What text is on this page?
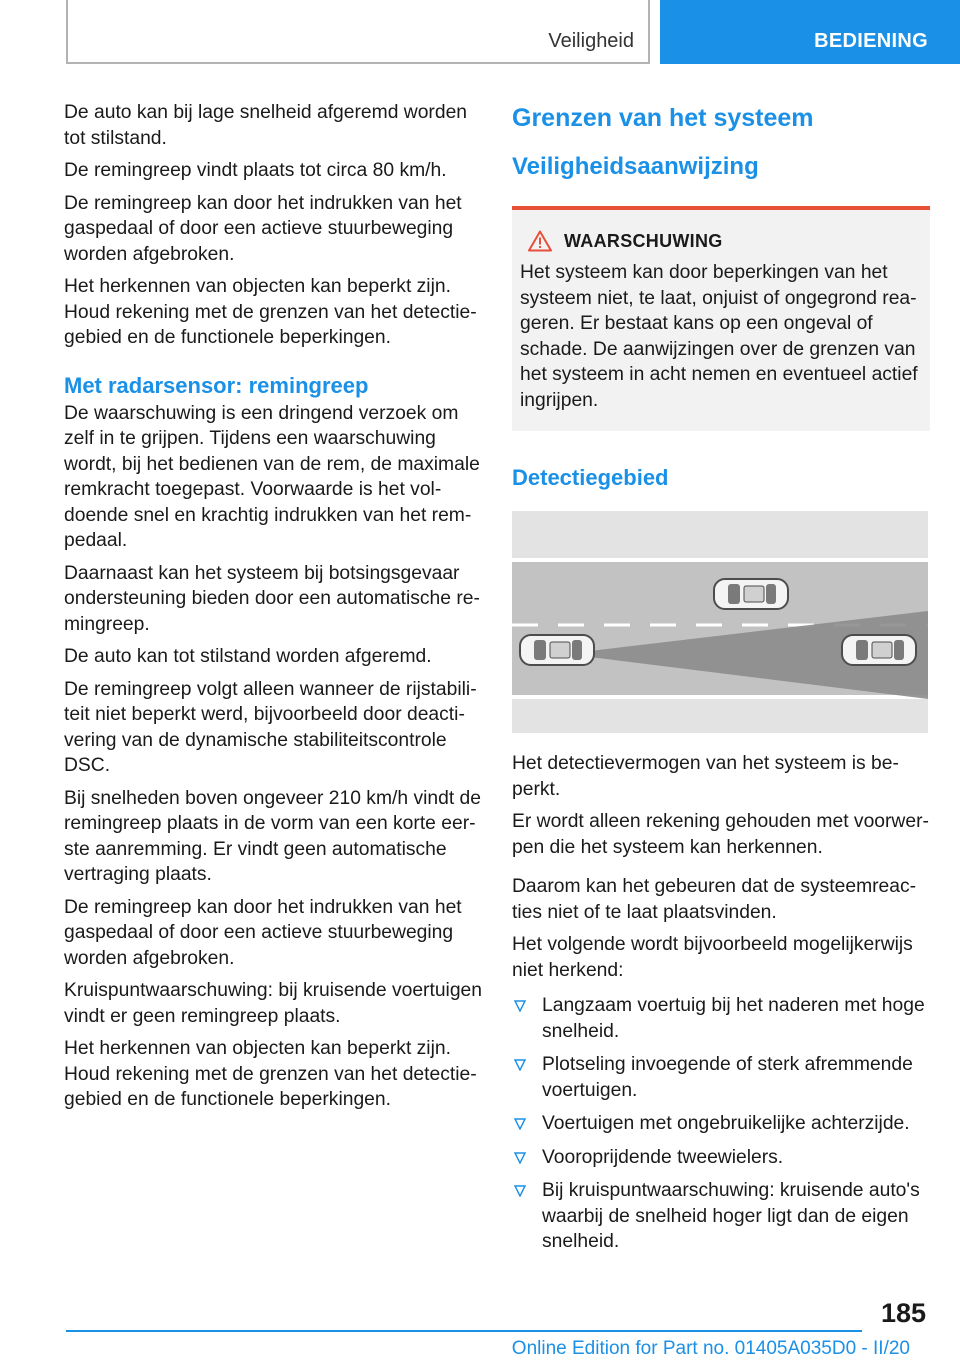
Veiligheid	BEDIENING

De auto kan bij lage snelheid afgeremd worden tot stilstand.

De remingreep vindt plaats tot circa 80 km/h.

De remingreep kan door het indrukken van het gaspedaal of door een actieve stuurbeweging worden afgebroken.

Het herkennen van objecten kan beperkt zijn. Houd rekening met de grenzen van het detectiegebied en de functionele beperkingen.

Met radarsensor: remingreep

De waarschuwing is een dringend verzoek om zelf in te grijpen. Tijdens een waarschuwing wordt, bij het bedienen van de rem, de maximale remkracht toegepast. Voorwaarde is het voldoende snel en krachtig indrukken van het rempedaal.

Daarnaast kan het systeem bij botsingsgevaar ondersteuning bieden door een automatische remingreep.

De auto kan tot stilstand worden afgeremd.

De remingreep volgt alleen wanneer de rijstabiliteit niet beperkt werd, bijvoorbeeld door deactivering van de dynamische stabiliteitscontrole DSC.

Bij snelheden boven ongeveer 210 km/h vindt de remingreep plaats in de vorm van een korte eerste aanremming. Er vindt geen automatische vertraging plaats.

De remingreep kan door het indrukken van het gaspedaal of door een actieve stuurbeweging worden afgebroken.

Kruispuntwaarschuwing: bij kruisende voertuigen vindt er geen remingreep plaats.

Het herkennen van objecten kan beperkt zijn. Houd rekening met de grenzen van het detectiegebied en de functionele beperkingen.

Grenzen van het systeem
Veiligheidsaanwijzing
WAARSCHUWING

Het systeem kan door beperkingen van het systeem niet, te laat, onjuist of ongegrond reageren. Er bestaat kans op een ongeval of schade. De aanwijzingen over de grenzen van het systeem in acht nemen en eventueel actief ingrijpen.

Detectiegebied

Het detectievermogen van het systeem is beperkt.

Er wordt alleen rekening gehouden met voorwerpen die het systeem kan herkennen.

Daarom kan het gebeuren dat de systeemreacties niet of te laat plaatsvinden.

Het volgende wordt bijvoorbeeld mogelijkerwijs niet herkend:

Langzaam voertuig bij het naderen met hoge snelheid.
Plotseling invoegende of sterk afremmende voertuigen.
Voertuigen met ongebruikelijke achterzijde.
Vooroprijdende tweewielers.
Bij kruispuntwaarschuwing: kruisende auto's waarbij de snelheid hoger ligt dan de eigen snelheid.
185
Online Edition for Part no. 01405A035D0 - II/20
